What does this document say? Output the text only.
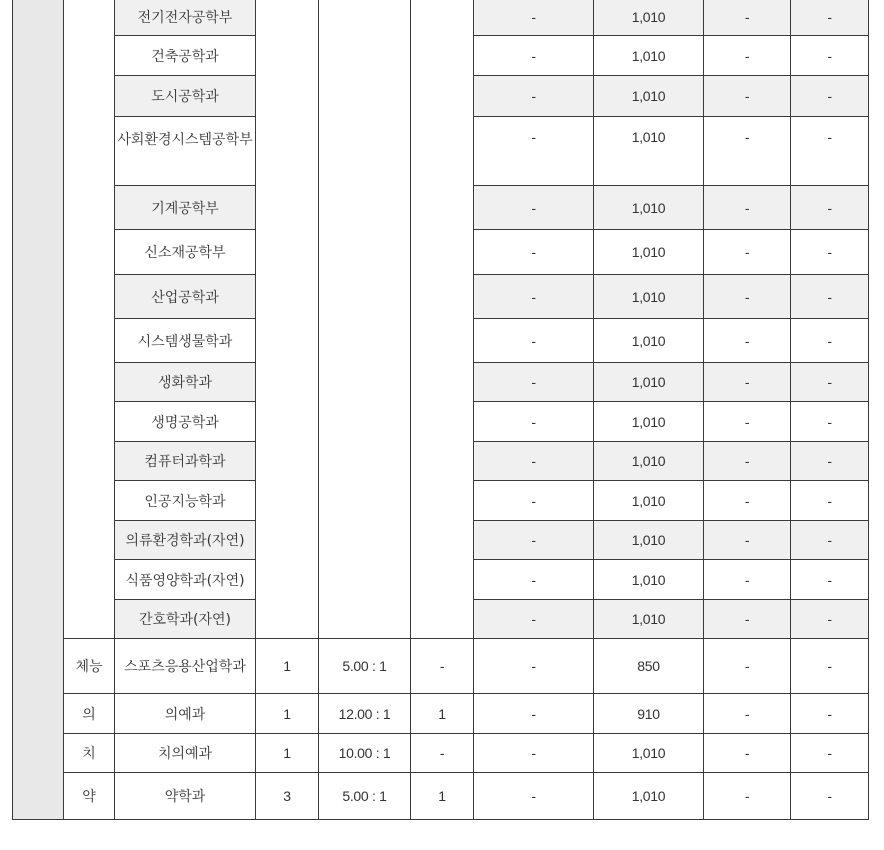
		전기전자공학부				-	1,010	-	-
		건축공학과				-	1,010	-	-
		도시공학과				-	1,010	-	-
		사회환경시스템공학부				-	1,010	-	-
		기계공학부				-	1,010	-	-
		신소재공학부				-	1,010	-	-
		산업공학과				-	1,010	-	-
		시스템생물학과				-	1,010	-	-
		생화학과				-	1,010	-	-
		생명공학과				-	1,010	-	-
		컴퓨터과학과				-	1,010	-	-
		인공지능학과				-	1,010	-	-
		의류환경학과(자연)				-	1,010	-	-
		식품영양학과(자연)				-	1,010	-	-
		간호학과(자연)				-	1,010	-	-
	체능	스포츠응용산업학과	1	5.00 : 1	-	-	850	-	-
	의	의예과	1	12.00 : 1	1	-	910	-	-
	치	치의예과	1	10.00 : 1	-	-	1,010	-	-
	약	약학과	3	5.00 : 1	1	-	1,010	-	-
